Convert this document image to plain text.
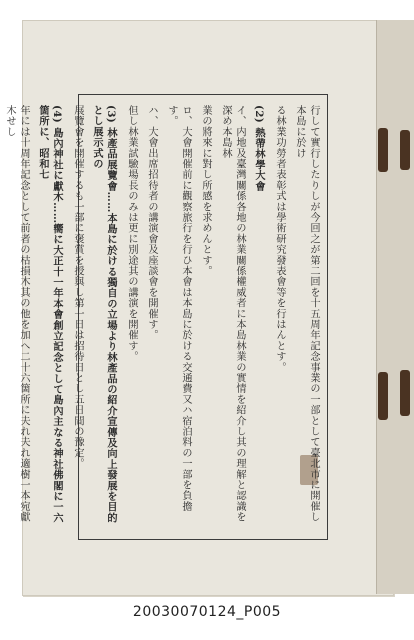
行して實行したりしが今回之が第二回を十五周年記念事業の一部として臺北市に開催し本島に於け

る林業功勞者表彰式は學術研究發表會等を行はんとす。

(2) 熱帶林學大會

イ、内地及臺灣關係各地の林業關係權威者に本島林業の實情を紹介し其の理解と認識を深め本島林

業の將來に對し所感を求めんとす。

ロ、大會開催前に觀察旅行を行ひ本會は本島に於ける交通費又ハ宿泊料の一部を負擔す。

ハ、大會出席招待者の講演會及座談會を開催す。

但し林業試驗場長のみは更に別途其の講演を開催す。

(3) 林產品展覽會……本島に於ける獨自の立場より林產品の紹介宣傳及向上發展を目的とし展示式の

展覽會を開催するも一部に褒賞を授與し第一日は招待日とし五日間の豫定。

(4) 島內神社に獻木……嚮に大正十一年本會創立記念として島內主なる神社佛閣に一六箇所に、昭和七

年には十周年記念として前者の枯損木其の他を加へ二十六箇所に夫れ夫れ適樹一本宛獻木せし

20030070124_P005
